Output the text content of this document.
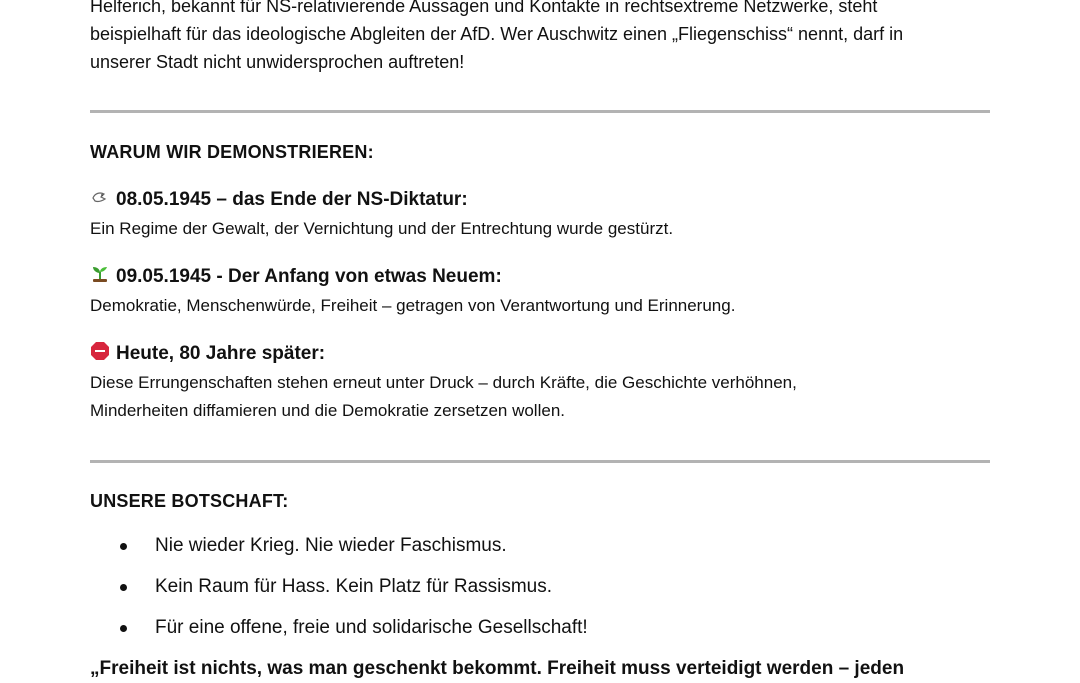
Helferich, bekannt für NS-relativierende Aussagen und Kontakte in rechtsextreme Netzwerke, steht
beispielhaft für das ideologische Abgleiten der AfD. Wer Auschwitz einen „Fliegenschiss“ nennt, darf in
unserer Stadt nicht unwidersprochen auftreten!
WARUM WIR DEMONSTRIEREN:
08.05.1945 – das Ende der NS-Diktatur:
Ein Regime der Gewalt, der Vernichtung und der Entrechtung wurde gestürzt.
09.05.1945 - Der Anfang von etwas Neuem:
Demokratie, Menschenwürde, Freiheit – getragen von Verantwortung und Erinnerung.
Heute, 80 Jahre später:
Diese Errungenschaften stehen erneut unter Druck – durch Kräfte, die Geschichte verhöhnen,
Minderheiten diffamieren und die Demokratie zersetzen wollen.
UNSERE BOTSCHAFT:
Nie wieder Krieg. Nie wieder Faschismus.
Kein Raum für Hass. Kein Platz für Rassismus.
Für eine offene, freie und solidarische Gesellschaft!
„Freiheit ist nichts, was man geschenkt bekommt. Freiheit muss verteidigt werden – jeden
